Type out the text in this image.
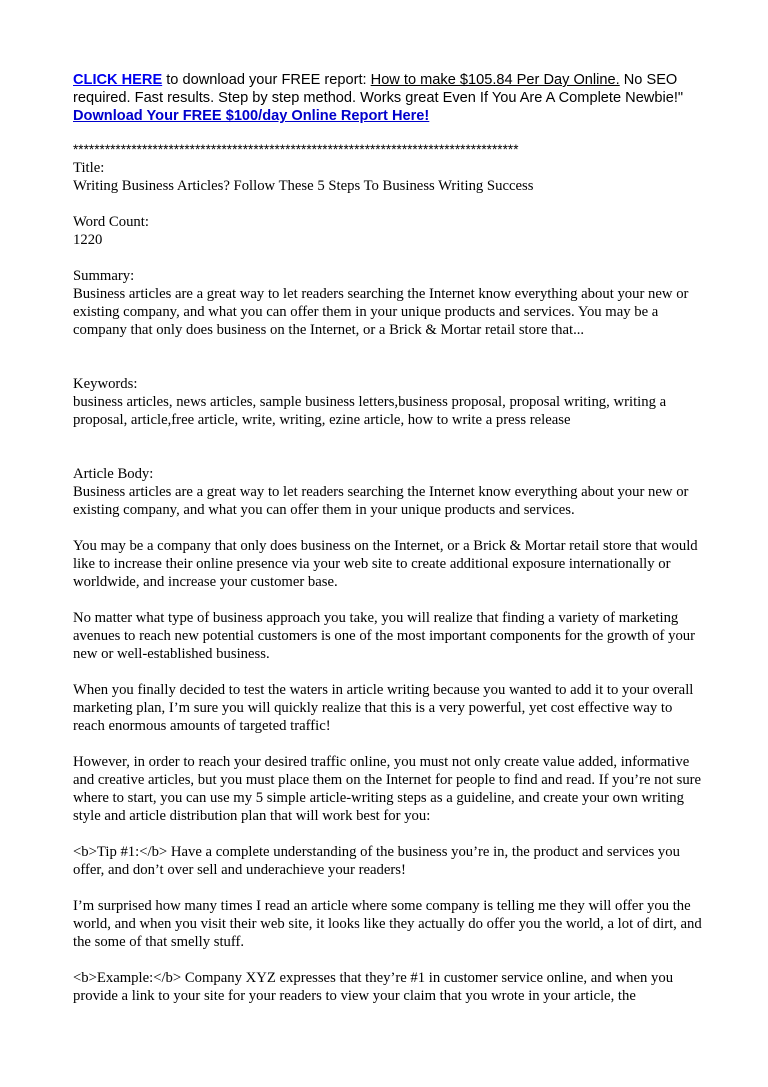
CLICK HERE to download your FREE report: How to make $105.84 Per Day Online. No SEO required. Fast results. Step by step method. Works great Even If You Are A Complete Newbie!" Download Your FREE $100/day Online Report Here!

************************************************************************************

Title:

Writing Business Articles? Follow These 5 Steps To Business Writing Success

Word Count:

1220

Summary:

Business articles are a great way to let readers searching the Internet know everything about your new or existing company, and what you can offer them in your unique products and services. You may be a company that only does business on the Internet, or a Brick & Mortar retail store that...

Keywords:

business articles, news articles, sample business letters,business proposal, proposal writing, writing a proposal, article,free article, write, writing, ezine article, how to write a press release

Article Body:

Business articles are a great way to let readers searching the Internet know everything about your new or existing company, and what you can offer them in your unique products and services.

You may be a company that only does business on the Internet, or a Brick & Mortar retail store that would like to increase their online presence via your web site to create additional exposure internationally or worldwide, and increase your customer base.

No matter what type of business approach you take, you will realize that finding a variety of marketing avenues to reach new potential customers is one of the most important components for the growth of your new or well-established business.

When you finally decided to test the waters in article writing because you wanted to add it to your overall marketing plan, I’m sure you will quickly realize that this is a very powerful, yet cost effective way to reach enormous amounts of targeted traffic!

However, in order to reach your desired traffic online, you must not only create value added, informative and creative articles, but you must place them on the Internet for people to find and read. If you’re not sure where to start, you can use my 5 simple article-writing steps as a guideline, and create your own writing style and article distribution plan that will work best for you:

<b>Tip #1:</b> Have a complete understanding of the business you’re in, the product and services you offer, and don’t over sell and underachieve your readers!

I’m surprised how many times I read an article where some company is telling me they will offer you the world, and when you visit their web site, it looks like they actually do offer you the world, a lot of dirt, and the some of that smelly stuff.

<b>Example:</b> Company XYZ expresses that they’re #1 in customer service online, and when you provide a link to your site for your readers to view your claim that you wrote in your article, the
